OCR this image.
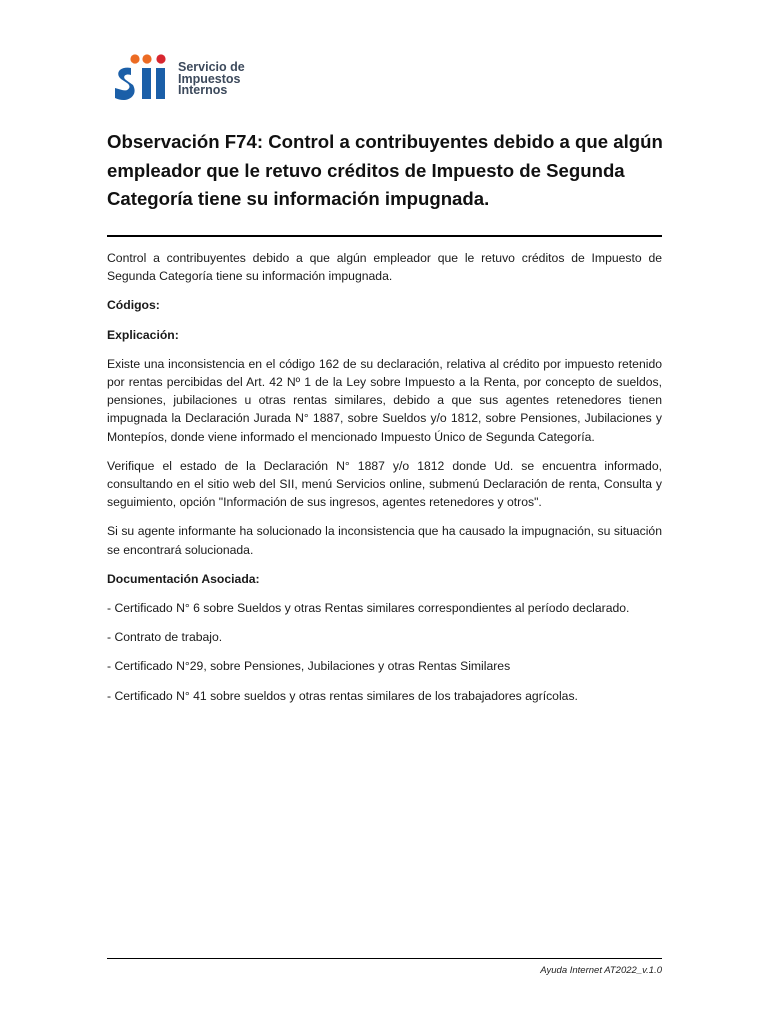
Servicio de
Impuestos
Internos
Observación F74: Control a contribuyentes debido a que algún empleador que le retuvo créditos de Impuesto de Segunda Categoría tiene su información impugnada.

Control a contribuyentes debido a que algún empleador que le retuvo créditos de Impuesto de Segunda Categoría tiene su información impugnada.

Códigos:

Explicación:

Existe una inconsistencia en el código 162 de su declaración, relativa al crédito por impuesto retenido por rentas percibidas del Art. 42 Nº 1 de la Ley sobre Impuesto a la Renta, por concepto de sueldos, pensiones, jubilaciones u otras rentas similares, debido a que sus agentes retenedores tienen impugnada la Declaración Jurada N° 1887, sobre Sueldos y/o 1812, sobre Pensiones, Jubilaciones y Montepíos, donde viene informado el mencionado Impuesto Único de Segunda Categoría.

Verifique el estado de la Declaración N° 1887 y/o 1812 donde Ud. se encuentra informado, consultando en el sitio web del SII, menú Servicios online, submenú Declaración de renta, Consulta y seguimiento, opción "Información de sus ingresos, agentes retenedores y otros".

Si su agente informante ha solucionado la inconsistencia que ha causado la impugnación, su situación se encontrará solucionada.

Documentación Asociada:

- Certificado N° 6 sobre Sueldos y otras Rentas similares correspondientes al período declarado.

- Contrato de trabajo.

- Certificado N°29, sobre Pensiones, Jubilaciones y otras Rentas Similares

- Certificado N° 41 sobre sueldos y otras rentas similares de los trabajadores agrícolas.

Ayuda Internet AT2022_v.1.0
